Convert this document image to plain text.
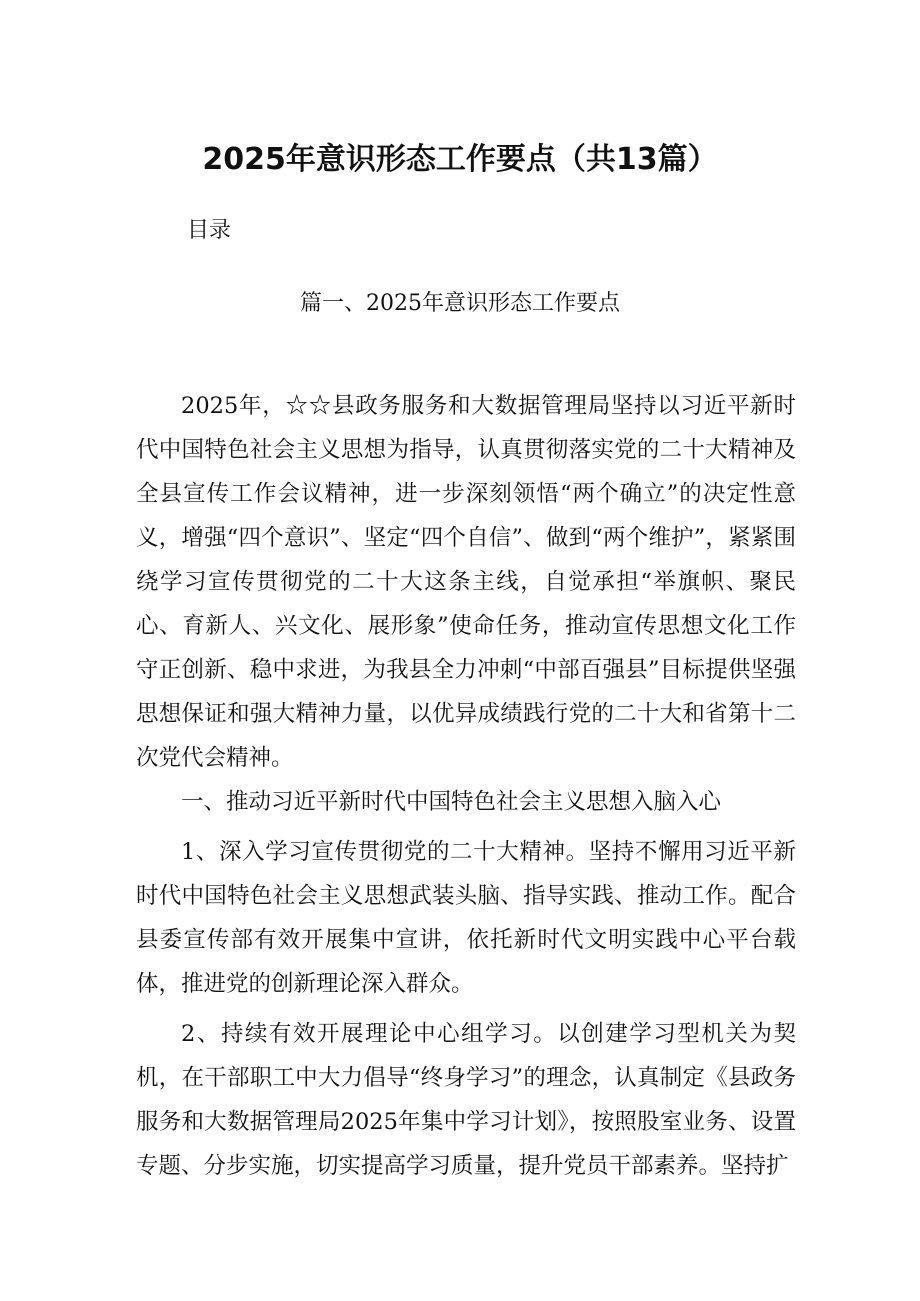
2025年意识形态工作要点（共13篇）
目录
篇一、2025年意识形态工作要点

2025年，☆☆县政务服务和大数据管理局坚持以习近平新时代中国特色社会主义思想为指导，认真贯彻落实党的二十大精神及全县宣传工作会议精神，进一步深刻领悟“两个确立”的决定性意义，增强“四个意识”、坚定“四个自信”、做到“两个维护”，紧紧围绕学习宣传贯彻党的二十大这条主线，自觉承担“举旗帜、聚民心、育新人、兴文化、展形象”使命任务，推动宣传思想文化工作守正创新、稳中求进，为我县全力冲刺“中部百强县”目标提供坚强思想保证和强大精神力量，以优异成绩践行党的二十大和省第十二次党代会精神。

一、推动习近平新时代中国特色社会主义思想入脑入心

1、深入学习宣传贯彻党的二十大精神。坚持不懈用习近平新时代中国特色社会主义思想武装头脑、指导实践、推动工作。配合县委宣传部有效开展集中宣讲，依托新时代文明实践中心平台载体，推进党的创新理论深入群众。

2、持续有效开展理论中心组学习。以创建学习型机关为契机，在干部职工中大力倡导“终身学习”的理念，认真制定《县政务服务和大数据管理局2025年集中学习计划》，按照股室业务、设置专题、分步实施，切实提高学习质量，提升党员干部素养。坚持扩
